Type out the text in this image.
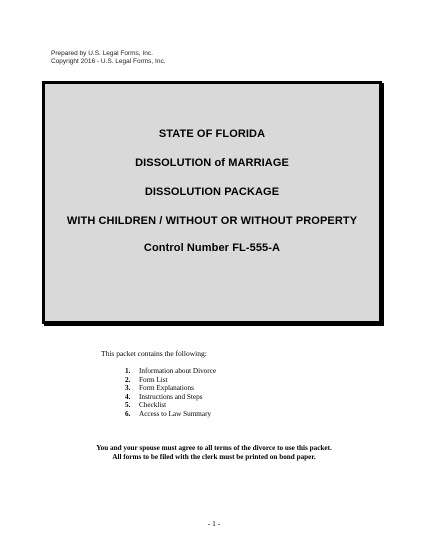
Prepared by U.S. Legal Forms, Inc.
Copyright 2016 - U.S. Legal Forms, Inc.
STATE OF FLORIDA
DISSOLUTION of MARRIAGE
DISSOLUTION PACKAGE
WITH CHILDREN / WITHOUT OR WITHOUT PROPERTY
Control Number FL-555-A
This packet contains the following:
1.	Information about Divorce
2.	Form List
3.	Form Explanations
4.	Instructions and Steps
5.	Checklist
6.	Access to Law Summary
You and your spouse must agree to all terms of the divorce to use this packet.
All forms to be filed with the clerk must be printed on bond paper.
- 1 -
